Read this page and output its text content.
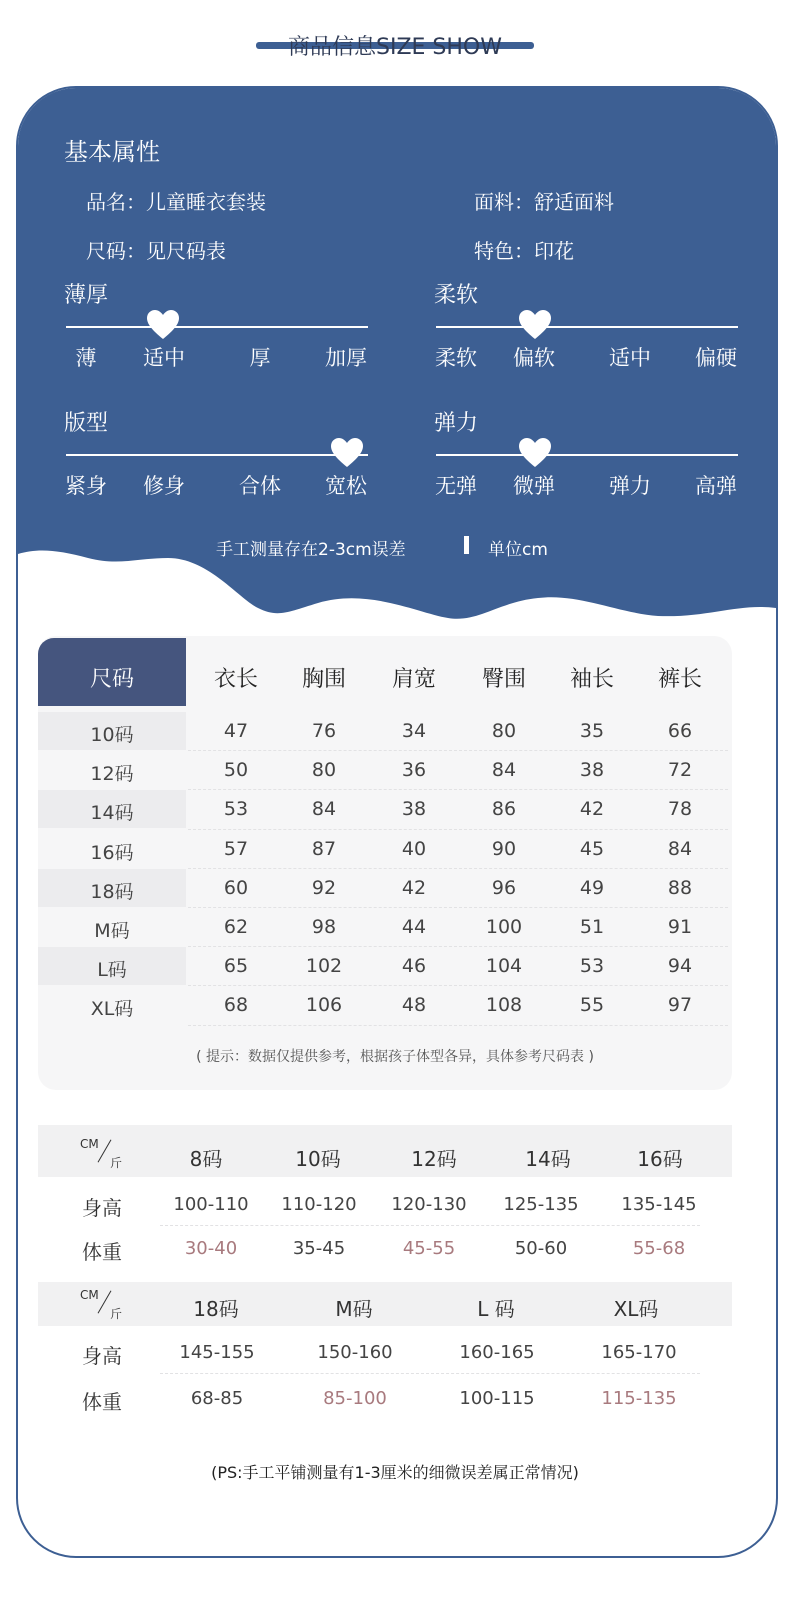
商品信息SIZE SHOW
基本属性
品名：儿童睡衣套装	面料：舒适面料
尺码：见尺码表	特色：印花
薄厚
薄	适中	厚	加厚
柔软
柔软	偏软	适中	偏硬
版型
紧身	修身	合体	宽松
弹力
无弹	微弹	弹力	高弹
手工测量存在2-3cm误差	单位cm
尺码	衣长	胸围	肩宽	臀围	袖长	裤长
10码	47	76	34	80	35	66
12码	50	80	36	84	38	72
14码	53	84	38	86	42	78
16码	57	87	40	90	45	84
18码	60	92	42	96	49	88
M码	62	98	44	100	51	91
L码	65	102	46	104	53	94
XL码	68	106	48	108	55	97
( 提示：数据仅提供参考，根据孩子体型各异，具体参考尺码表 )
CM
斤	8码	10码	12码	14码	16码
身高	100-110	110-120	120-130	125-135	135-145
体重	30-40	35-45	45-55	50-60	55-68
CM
斤	18码	M码	L 码	XL码
身高	145-155	150-160	160-165	165-170
体重	68-85	85-100	100-115	115-135
(PS:手工平铺测量有1-3厘米的细微误差属正常情况)
